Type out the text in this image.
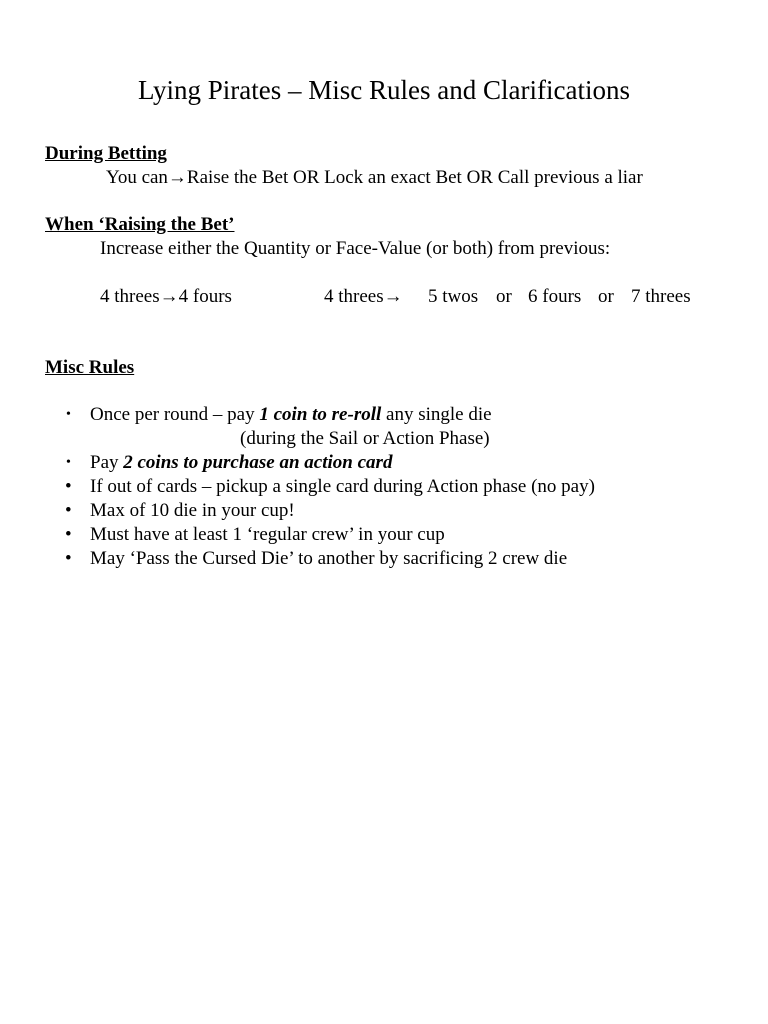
Lying Pirates – Misc Rules and Clarifications
During Betting
You can→Raise the Bet OR Lock an exact Bet OR Call previous a liar
When ‘Raising the Bet’
Increase either the Quantity or Face-Value (or both) from previous:
4 threes→4 fours	4 threes→ 5 twos or 6 fours or 7 threes
Misc Rules
• Once per round – pay 1 coin to re-roll any single die
(during the Sail or Action Phase)
• Pay 2 coins to purchase an action card
• If out of cards – pickup a single card during Action phase (no pay)
• Max of 10 die in your cup!
• Must have at least 1 ‘regular crew’ in your cup
• May ‘Pass the Cursed Die’ to another by sacrificing 2 crew die
